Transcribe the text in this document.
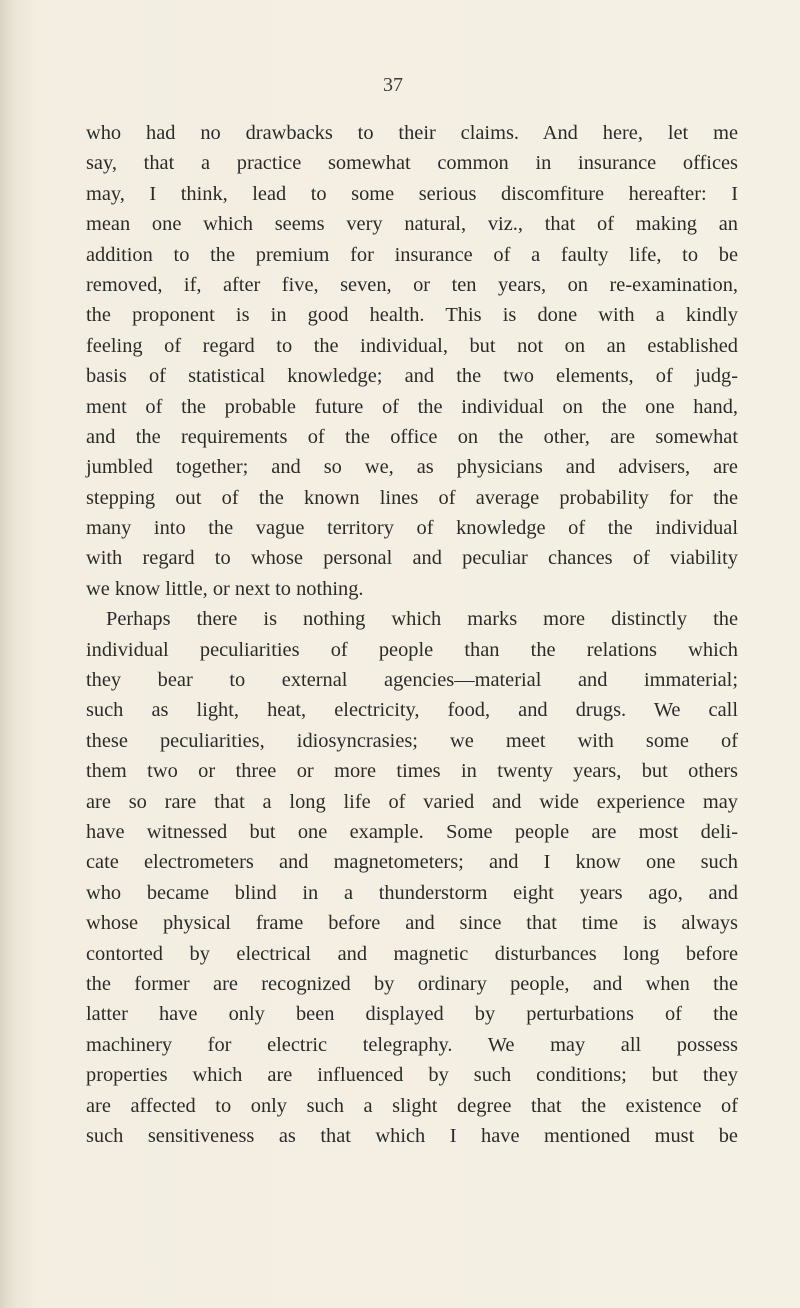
37
who had no drawbacks to their claims. And here, let me
say, that a practice somewhat common in insurance offices
may, I think, lead to some serious discomfiture hereafter: I
mean one which seems very natural, viz., that of making an
addition to the premium for insurance of a faulty life, to be
removed, if, after five, seven, or ten years, on re-examination,
the proponent is in good health. This is done with a kindly
feeling of regard to the individual, but not on an established
basis of statistical knowledge; and the two elements, of judg-
ment of the probable future of the individual on the one hand,
and the requirements of the office on the other, are somewhat
jumbled together; and so we, as physicians and advisers, are
stepping out of the known lines of average probability for the
many into the vague territory of knowledge of the individual
with regard to whose personal and peculiar chances of viability
we know little, or next to nothing.
Perhaps there is nothing which marks more distinctly the
individual peculiarities of people than the relations which
they bear to external agencies—material and immaterial;
such as light, heat, electricity, food, and drugs. We call
these peculiarities, idiosyncrasies; we meet with some of
them two or three or more times in twenty years, but others
are so rare that a long life of varied and wide experience may
have witnessed but one example. Some people are most deli-
cate electrometers and magnetometers; and I know one such
who became blind in a thunderstorm eight years ago, and
whose physical frame before and since that time is always
contorted by electrical and magnetic disturbances long before
the former are recognized by ordinary people, and when the
latter have only been displayed by perturbations of the
machinery for electric telegraphy. We may all possess
properties which are influenced by such conditions; but they
are affected to only such a slight degree that the existence of
such sensitiveness as that which I have mentioned must be
